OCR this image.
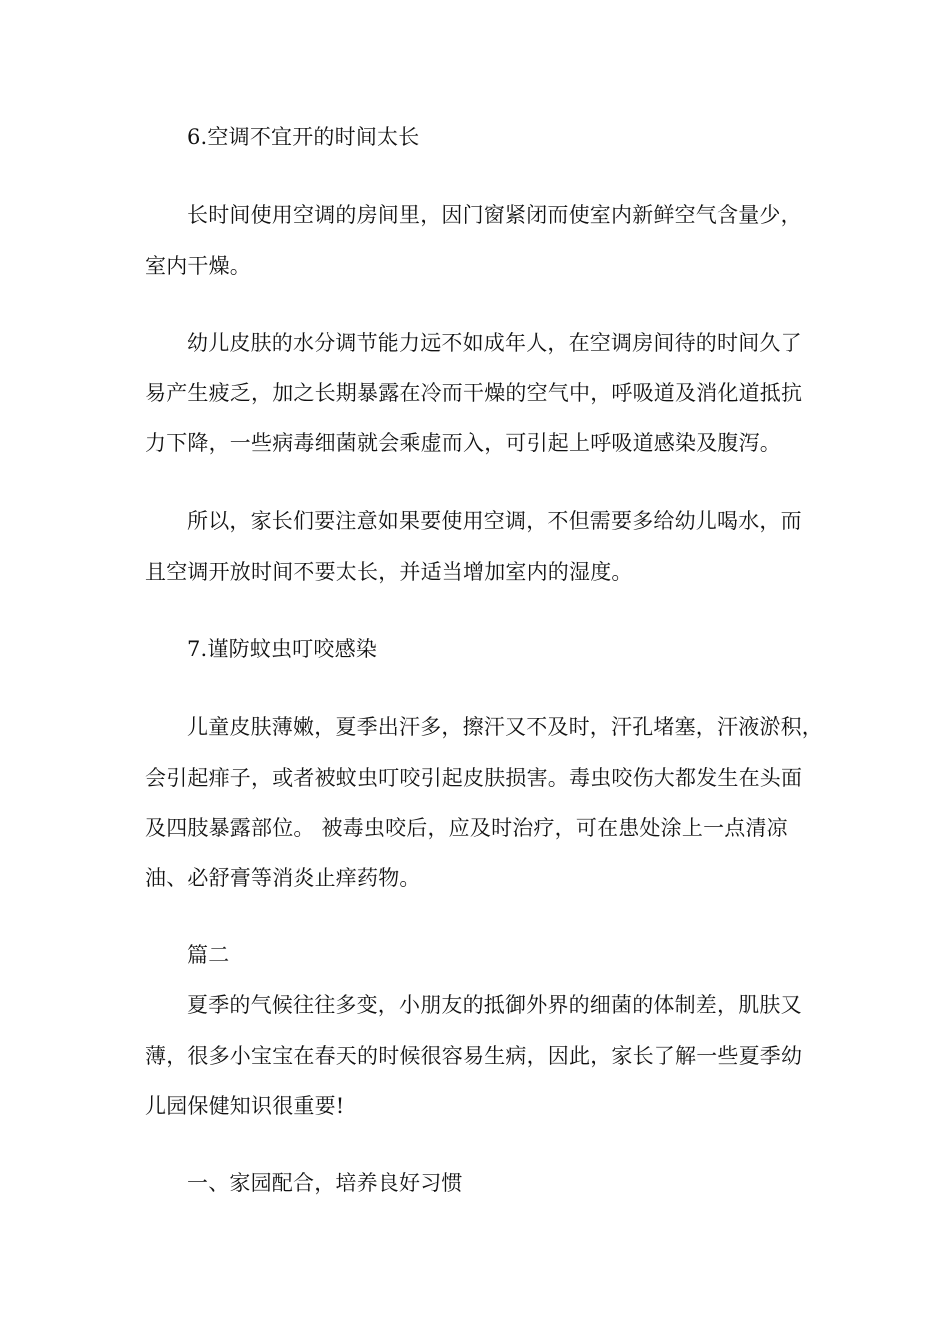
6.空调不宜开的时间太长
长时间使用空调的房间里，因门窗紧闭而使室内新鲜空气含量少，
室内干燥。
幼儿皮肤的水分调节能力远不如成年人，在空调房间待的时间久了
易产生疲乏，加之长期暴露在冷而干燥的空气中，呼吸道及消化道抵抗
力下降，一些病毒细菌就会乘虚而入，可引起上呼吸道感染及腹泻。
所以，家长们要注意如果要使用空调，不但需要多给幼儿喝水，而
且空调开放时间不要太长，并适当增加室内的湿度。
7.谨防蚊虫叮咬感染
儿童皮肤薄嫩，夏季出汗多，擦汗又不及时，汗孔堵塞，汗液淤积，
会引起痱子，或者被蚊虫叮咬引起皮肤损害。毒虫咬伤大都发生在头面
及四肢暴露部位。 被毒虫咬后，应及时治疗，可在患处涂上一点清凉
油、必舒膏等消炎止痒药物。
篇二
夏季的气候往往多变，小朋友的抵御外界的细菌的体制差，肌肤又
薄，很多小宝宝在春天的时候很容易生病，因此，家长了解一些夏季幼
儿园保健知识很重要!
一、家园配合，培养良好习惯
